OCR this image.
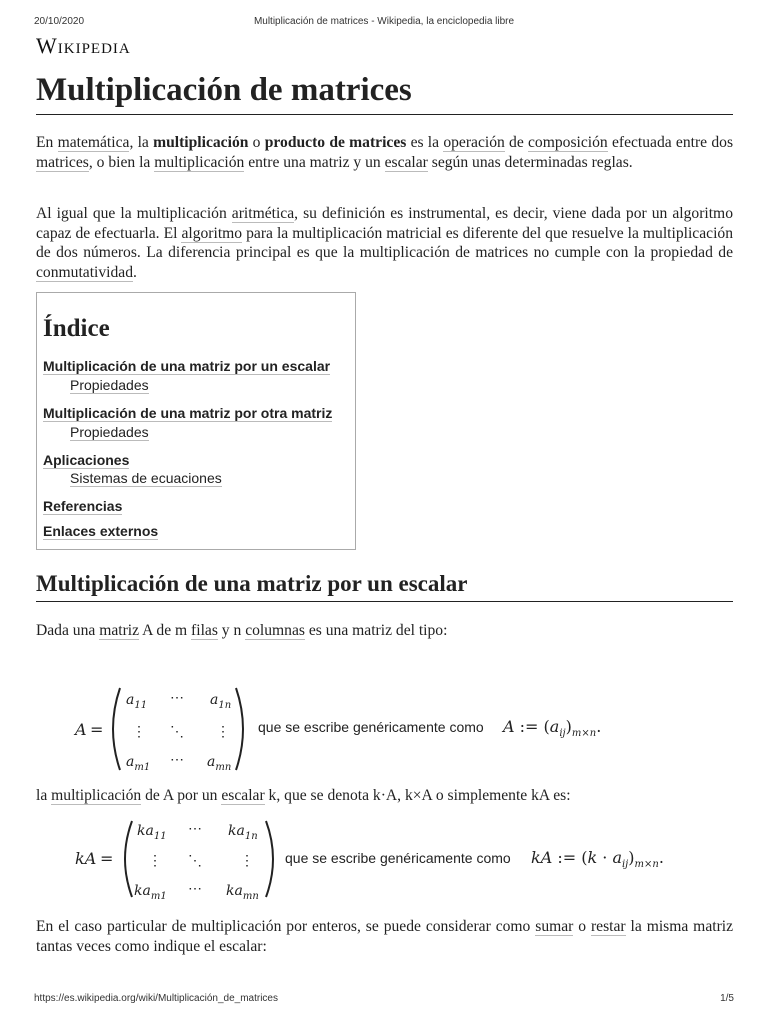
20/10/2020	Multiplicación de matrices - Wikipedia, la enciclopedia libre
Wikipedia
Multiplicación de matrices

En matemática, la multiplicación o producto de matrices es la operación de composición efectuada entre dos matrices, o bien la multiplicación entre una matriz y un escalar según unas determinadas reglas.

Al igual que la multiplicación aritmética, su definición es instrumental, es decir, viene dada por un algoritmo capaz de efectuarla. El algoritmo para la multiplicación matricial es diferente del que resuelve la multiplicación de dos números. La diferencia principal es que la multiplicación de matrices no cumple con la propiedad de conmutatividad.

Índice
Multiplicación de una matriz por un escalar
Propiedades
Multiplicación de una matriz por otra matriz
Propiedades
Aplicaciones
Sistemas de ecuaciones
Referencias
Enlaces externos
Multiplicación de una matriz por un escalar

Dada una matriz A de m filas y n columnas es una matriz del tipo:

A =
$a_{11}$ ⋯ $a_{1n}$
⋮ ⋱ ⋮
$a_{m1}$ ⋯ $a_{mn}$
que se escribe genéricamente como A := $(a_{ij})_{m\times n}$.

la multiplicación de A por un escalar k, que se denota k·A, k×A o simplemente kA es:

kA =
$ka_{11}$ ⋯ $ka_{1n}$
⋮ ⋱	⋮
$ka_{m1}$ ⋯ $ka_{mn}$
que se escribe genéricamente como kA := $(k \cdot a_{ij})_{m\times n}$.

En el caso particular de multiplicación por enteros, se puede considerar como sumar o restar la misma matriz tantas veces como indique el escalar:

https://es.wikipedia.org/wiki/Multiplicación_de_matrices	1/5
